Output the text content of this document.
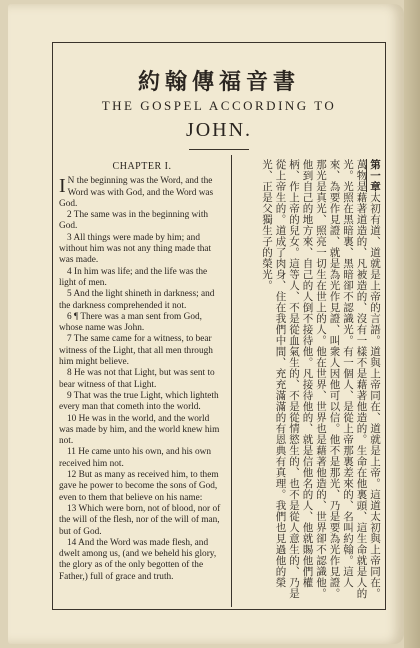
約翰傳福音書
THE GOSPEL ACCORDING TO
JOHN.
CHAPTER I.
I N the beginning was the Word, and the Word was with God, and the Word was God.
2 The same was in the beginning with God.
3 All things were made by him; and without him was not any thing made that was made.
4 In him was life; and the life was the light of men.
5 And the light shineth in darkness; and the darkness comprehended it not.
6 ¶ There was a man sent from God, whose name was John.
7 The same came for a witness, to bear witness of the Light, that all men through him might believe.
8 He was not that Light, but was sent to bear witness of that Light.
9 That was the true Light, which lighteth every man that cometh into the world.
10 He was in the world, and the world was made by him, and the world knew him not.
11 He came unto his own, and his own received him not.
12 But as many as received him, to them gave he power to become the sons of God, even to them that believe on his name:
13 Which were born, not of blood, nor of the will of the flesh, nor of the will of man, but of God.
14 And the Word was made flesh, and dwelt among us, (and we beheld his glory, the glory as of the only begotten of the Father,) full of grace and truth.
第一章太初有道、道就是上帝的言語。道與上帝同在、道就是上帝。這道太初與上帝同在。萬物是藉著道造的、凡被造的、沒有一樣不是藉著他造的。生命在他裏頭、這生命就是人的光。光照在黑暗裏、黑暗卻不認識光。有一個人、是從上帝那裏差來的、名叫約翰。這人來、為要作見證、就是為光作見證、叫衆人因他可以信。他不是那光、乃是要為光作見證。那光是真光、照亮一切生在世上的人。他在世界、世界也是藉著他造的、世界卻不認識他。他到自己的地方來、自己的人倒不接待他。凡接待他的、就是信他名的人、他就賜他們權柄、作上帝的兒女。這等人、不是從血氣生的、不是從情慾生的、也不是從人意生的、乃是從上帝生的。道成了肉身、住在我們中間、充充滿滿的有恩典有真理。我們也見過他的榮光、正是父獨生子的榮光。
